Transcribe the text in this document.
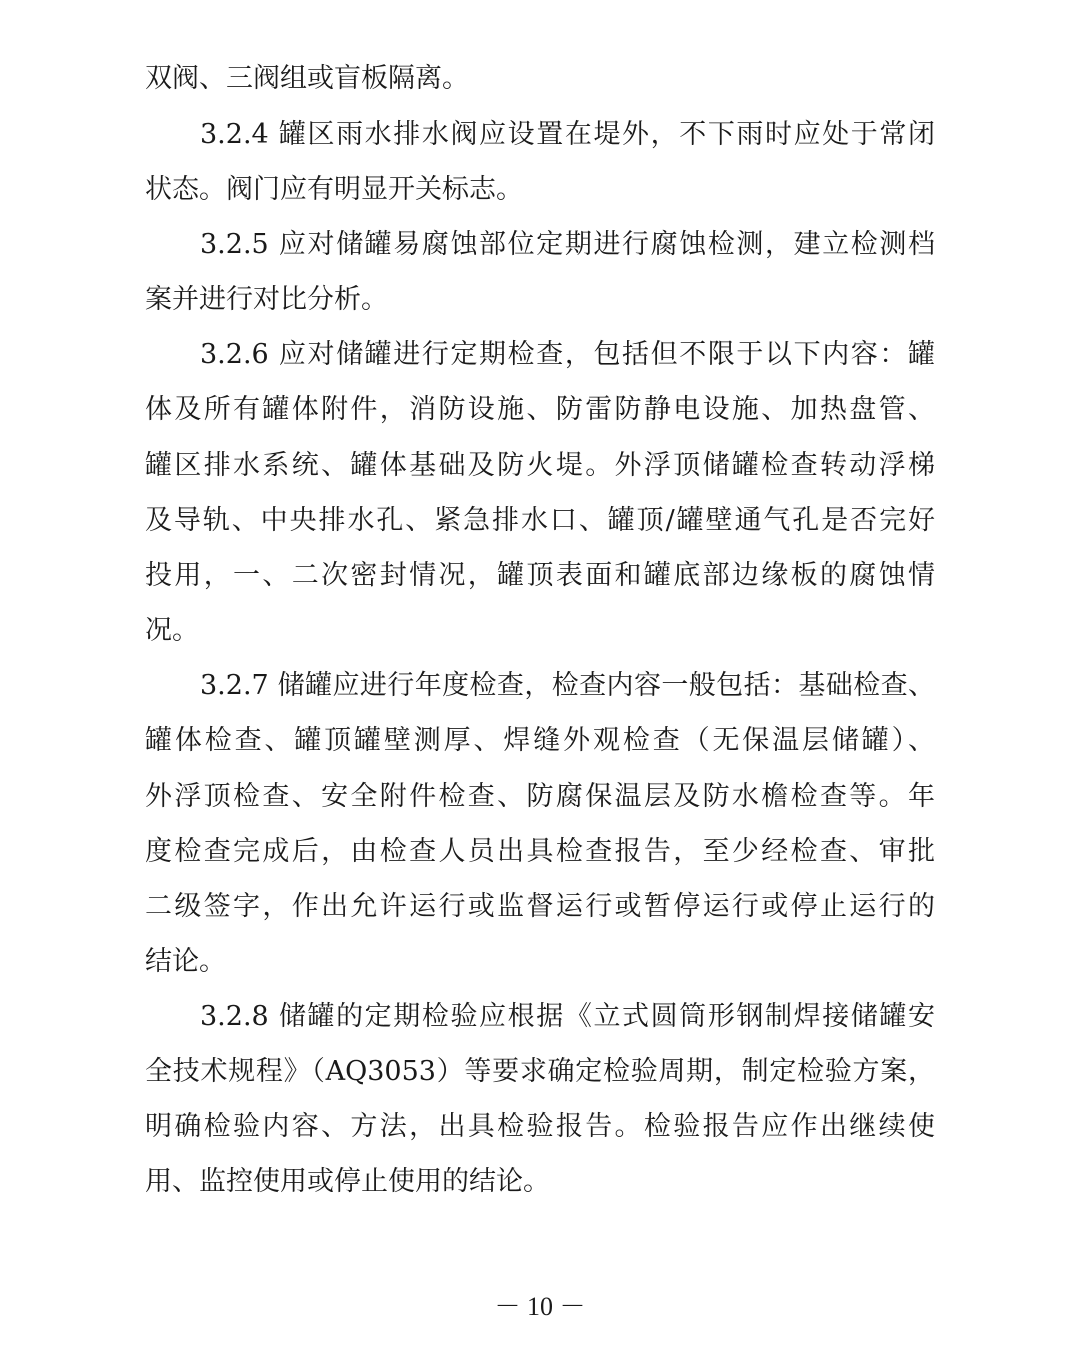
双阀、三阀组或盲板隔离。
3.2.4 罐区雨水排水阀应设置在堤外，不下雨时应处于常闭
状态。阀门应有明显开关标志。
3.2.5 应对储罐易腐蚀部位定期进行腐蚀检测，建立检测档
案并进行对比分析。
3.2.6 应对储罐进行定期检查，包括但不限于以下内容：罐
体及所有罐体附件，消防设施、防雷防静电设施、加热盘管、
罐区排水系统、罐体基础及防火堤。外浮顶储罐检查转动浮梯
及导轨、中央排水孔、紧急排水口、罐顶/罐壁通气孔是否完好
投用，一、二次密封情况，罐顶表面和罐底部边缘板的腐蚀情
况。
3.2.7 储罐应进行年度检查，检查内容一般包括：基础检查、
罐体检查、罐顶罐壁测厚、焊缝外观检查（无保温层储罐）、
外浮顶检查、安全附件检查、防腐保温层及防水檐检查等。年
度检查完成后，由检查人员出具检查报告，至少经检查、审批
二级签字，作出允许运行或监督运行或暂停运行或停止运行的
结论。
3.2.8 储罐的定期检验应根据《立式圆筒形钢制焊接储罐安
全技术规程》（AQ3053）等要求确定检验周期，制定检验方案，
明确检验内容、方法，出具检验报告。检验报告应作出继续使
用、监控使用或停止使用的结论。
－ 10 －
